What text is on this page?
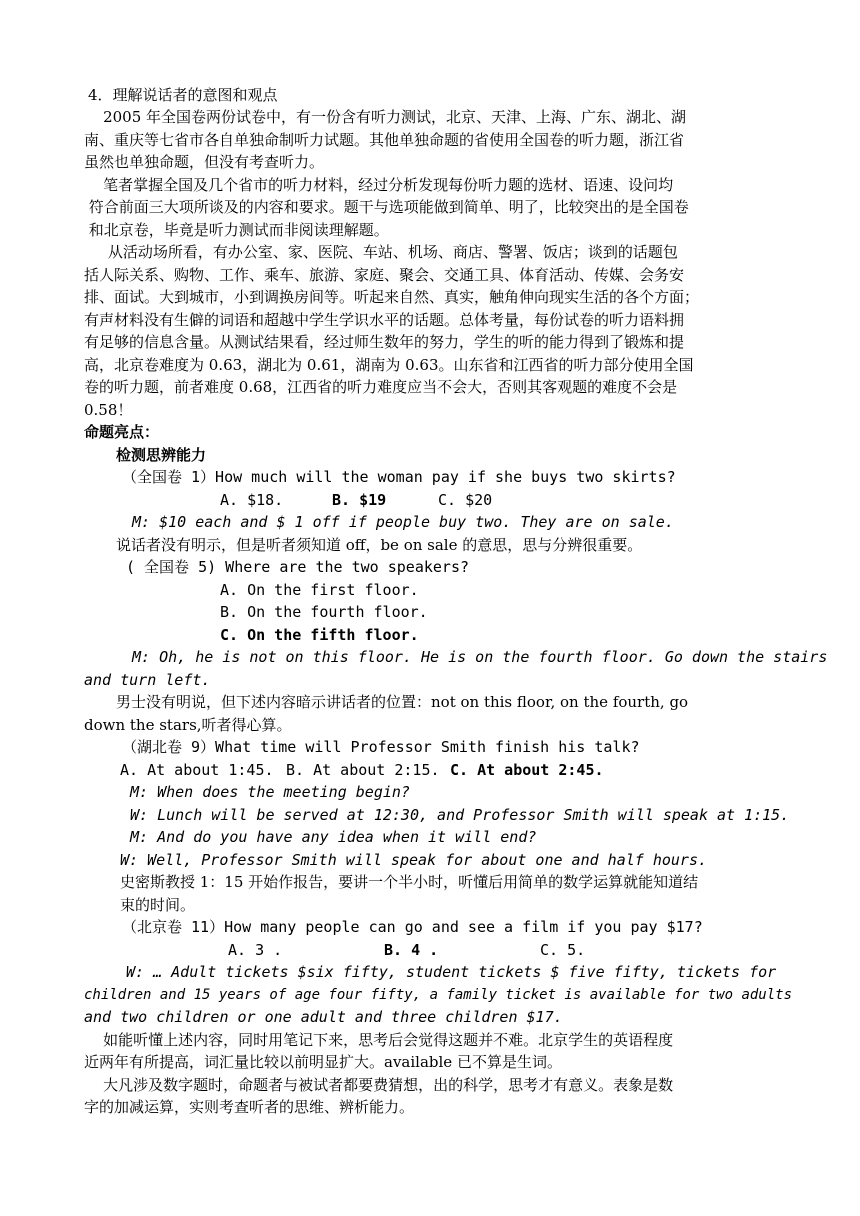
4．理解说话者的意图和观点
2005 年全国卷两份试卷中，有一份含有听力测试，北京、天津、上海、广东、湖北、湖
南、重庆等七省市各自单独命制听力试题。其他单独命题的省使用全国卷的听力题，浙江省
虽然也单独命题，但没有考查听力。
笔者掌握全国及几个省市的听力材料，经过分析发现每份听力题的选材、语速、设问均
符合前面三大项所谈及的内容和要求。题干与选项能做到简单、明了，比较突出的是全国卷
和北京卷，毕竟是听力测试而非阅读理解题。
从活动场所看，有办公室、家、医院、车站、机场、商店、警署、饭店；谈到的话题包
括人际关系、购物、工作、乘车、旅游、家庭、聚会、交通工具、体育活动、传媒、会务安
排、面试。大到城市，小到调换房间等。听起来自然、真实，触角伸向现实生活的各个方面；
有声材料没有生僻的词语和超越中学生学识水平的话题。总体考量，每份试卷的听力语料拥
有足够的信息含量。从测试结果看，经过师生数年的努力，学生的听的能力得到了锻炼和提
高，北京卷难度为 0.63，湖北为 0.61，湖南为 0.63。山东省和江西省的听力部分使用全国
卷的听力题，前者难度 0.68，江西省的听力难度应当不会大，否则其客观题的难度不会是
0.58！
命题亮点：
检测思辨能力
（全国卷 1）How much will the woman pay if she buys two skirts?
A. $18.	B. $19	C. $20
M: $10 each and $ 1 off if people buy two. They are on sale.
说话者没有明示，但是听者须知道 off，be on sale 的意思，思与分辨很重要。
( 全国卷 5) Where are the two speakers?
A. On the first floor.
B. On the fourth floor.
C. On the fifth floor.
M: Oh, he is not on this floor. He is on the fourth floor. Go down the stairs
and turn left.
男士没有明说，但下述内容暗示讲话者的位置：not on this floor, on the fourth, go
down the stars,听者得心算。
（湖北卷 9）What time will Professor Smith finish his talk?
A. At about 1:45. B. At about 2:15. C. At about 2:45.
M: When does the meeting begin?
W: Lunch will be served at 12:30, and Professor Smith will speak at 1:15.
M: And do you have any idea when it will end?
W: Well, Professor Smith will speak for about one and half hours.
史密斯教授 1：15 开始作报告，要讲一个半小时，听懂后用简单的数学运算就能知道结
束的时间。
（北京卷 11）How many people can go and see a film if you pay $17?
A. 3 .	B. 4 .	C. 5.
W: … Adult tickets $six fifty, student tickets $ five fifty, tickets for
children and 15 years of age four fifty, a family ticket is available for two adults
and two children or one adult and three children $17.
如能听懂上述内容，同时用笔记下来，思考后会觉得这题并不难。北京学生的英语程度
近两年有所提高，词汇量比较以前明显扩大。available 已不算是生词。
大凡涉及数字题时，命题者与被试者都要费猜想，出的科学，思考才有意义。表象是数
字的加减运算，实则考查听者的思维、辨析能力。
